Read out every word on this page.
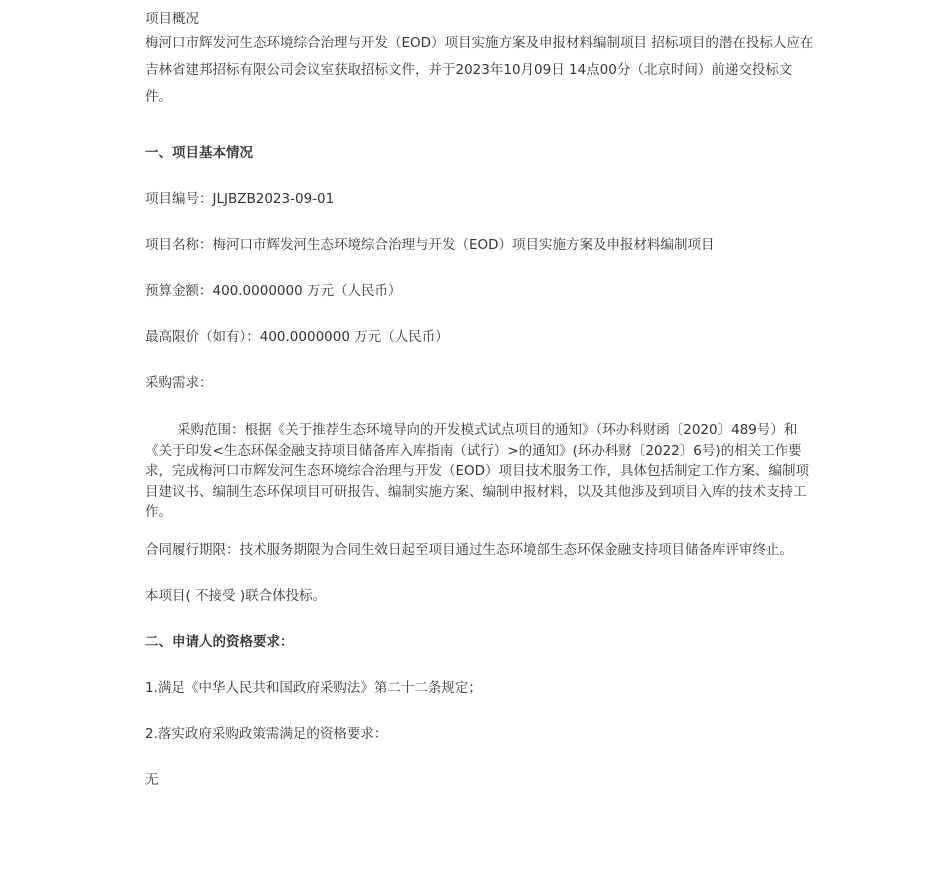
项目概况

梅河口市辉发河生态环境综合治理与开发（EOD）项目实施方案及申报材料编制项目 招标项目的潜在投标人应在吉林省建邦招标有限公司会议室获取招标文件，并于2023年10月09日 14点00分（北京时间）前递交投标文件。

一、项目基本情况

项目编号：JLJBZB2023-09-01

项目名称：梅河口市辉发河生态环境综合治理与开发（EOD）项目实施方案及申报材料编制项目

预算金额：400.0000000 万元（人民币）

最高限价（如有）：400.0000000 万元（人民币）

采购需求：

采购范围：根据《关于推荐生态环境导向的开发模式试点项目的通知》（环办科财函〔2020〕489号）和《关于印发<生态环保金融支持项目储备库入库指南（试行）>的通知》(环办科财〔2022〕6号)的相关工作要求，完成梅河口市辉发河生态环境综合治理与开发（EOD）项目技术服务工作，具体包括制定工作方案、编制项目建议书、编制生态环保项目可研报告、编制实施方案、编制申报材料，以及其他涉及到项目入库的技术支持工作。

合同履行期限：技术服务期限为合同生效日起至项目通过生态环境部生态环保金融支持项目储备库评审终止。

本项目( 不接受 )联合体投标。

二、申请人的资格要求：

1.满足《中华人民共和国政府采购法》第二十二条规定；

2.落实政府采购政策需满足的资格要求：

无
